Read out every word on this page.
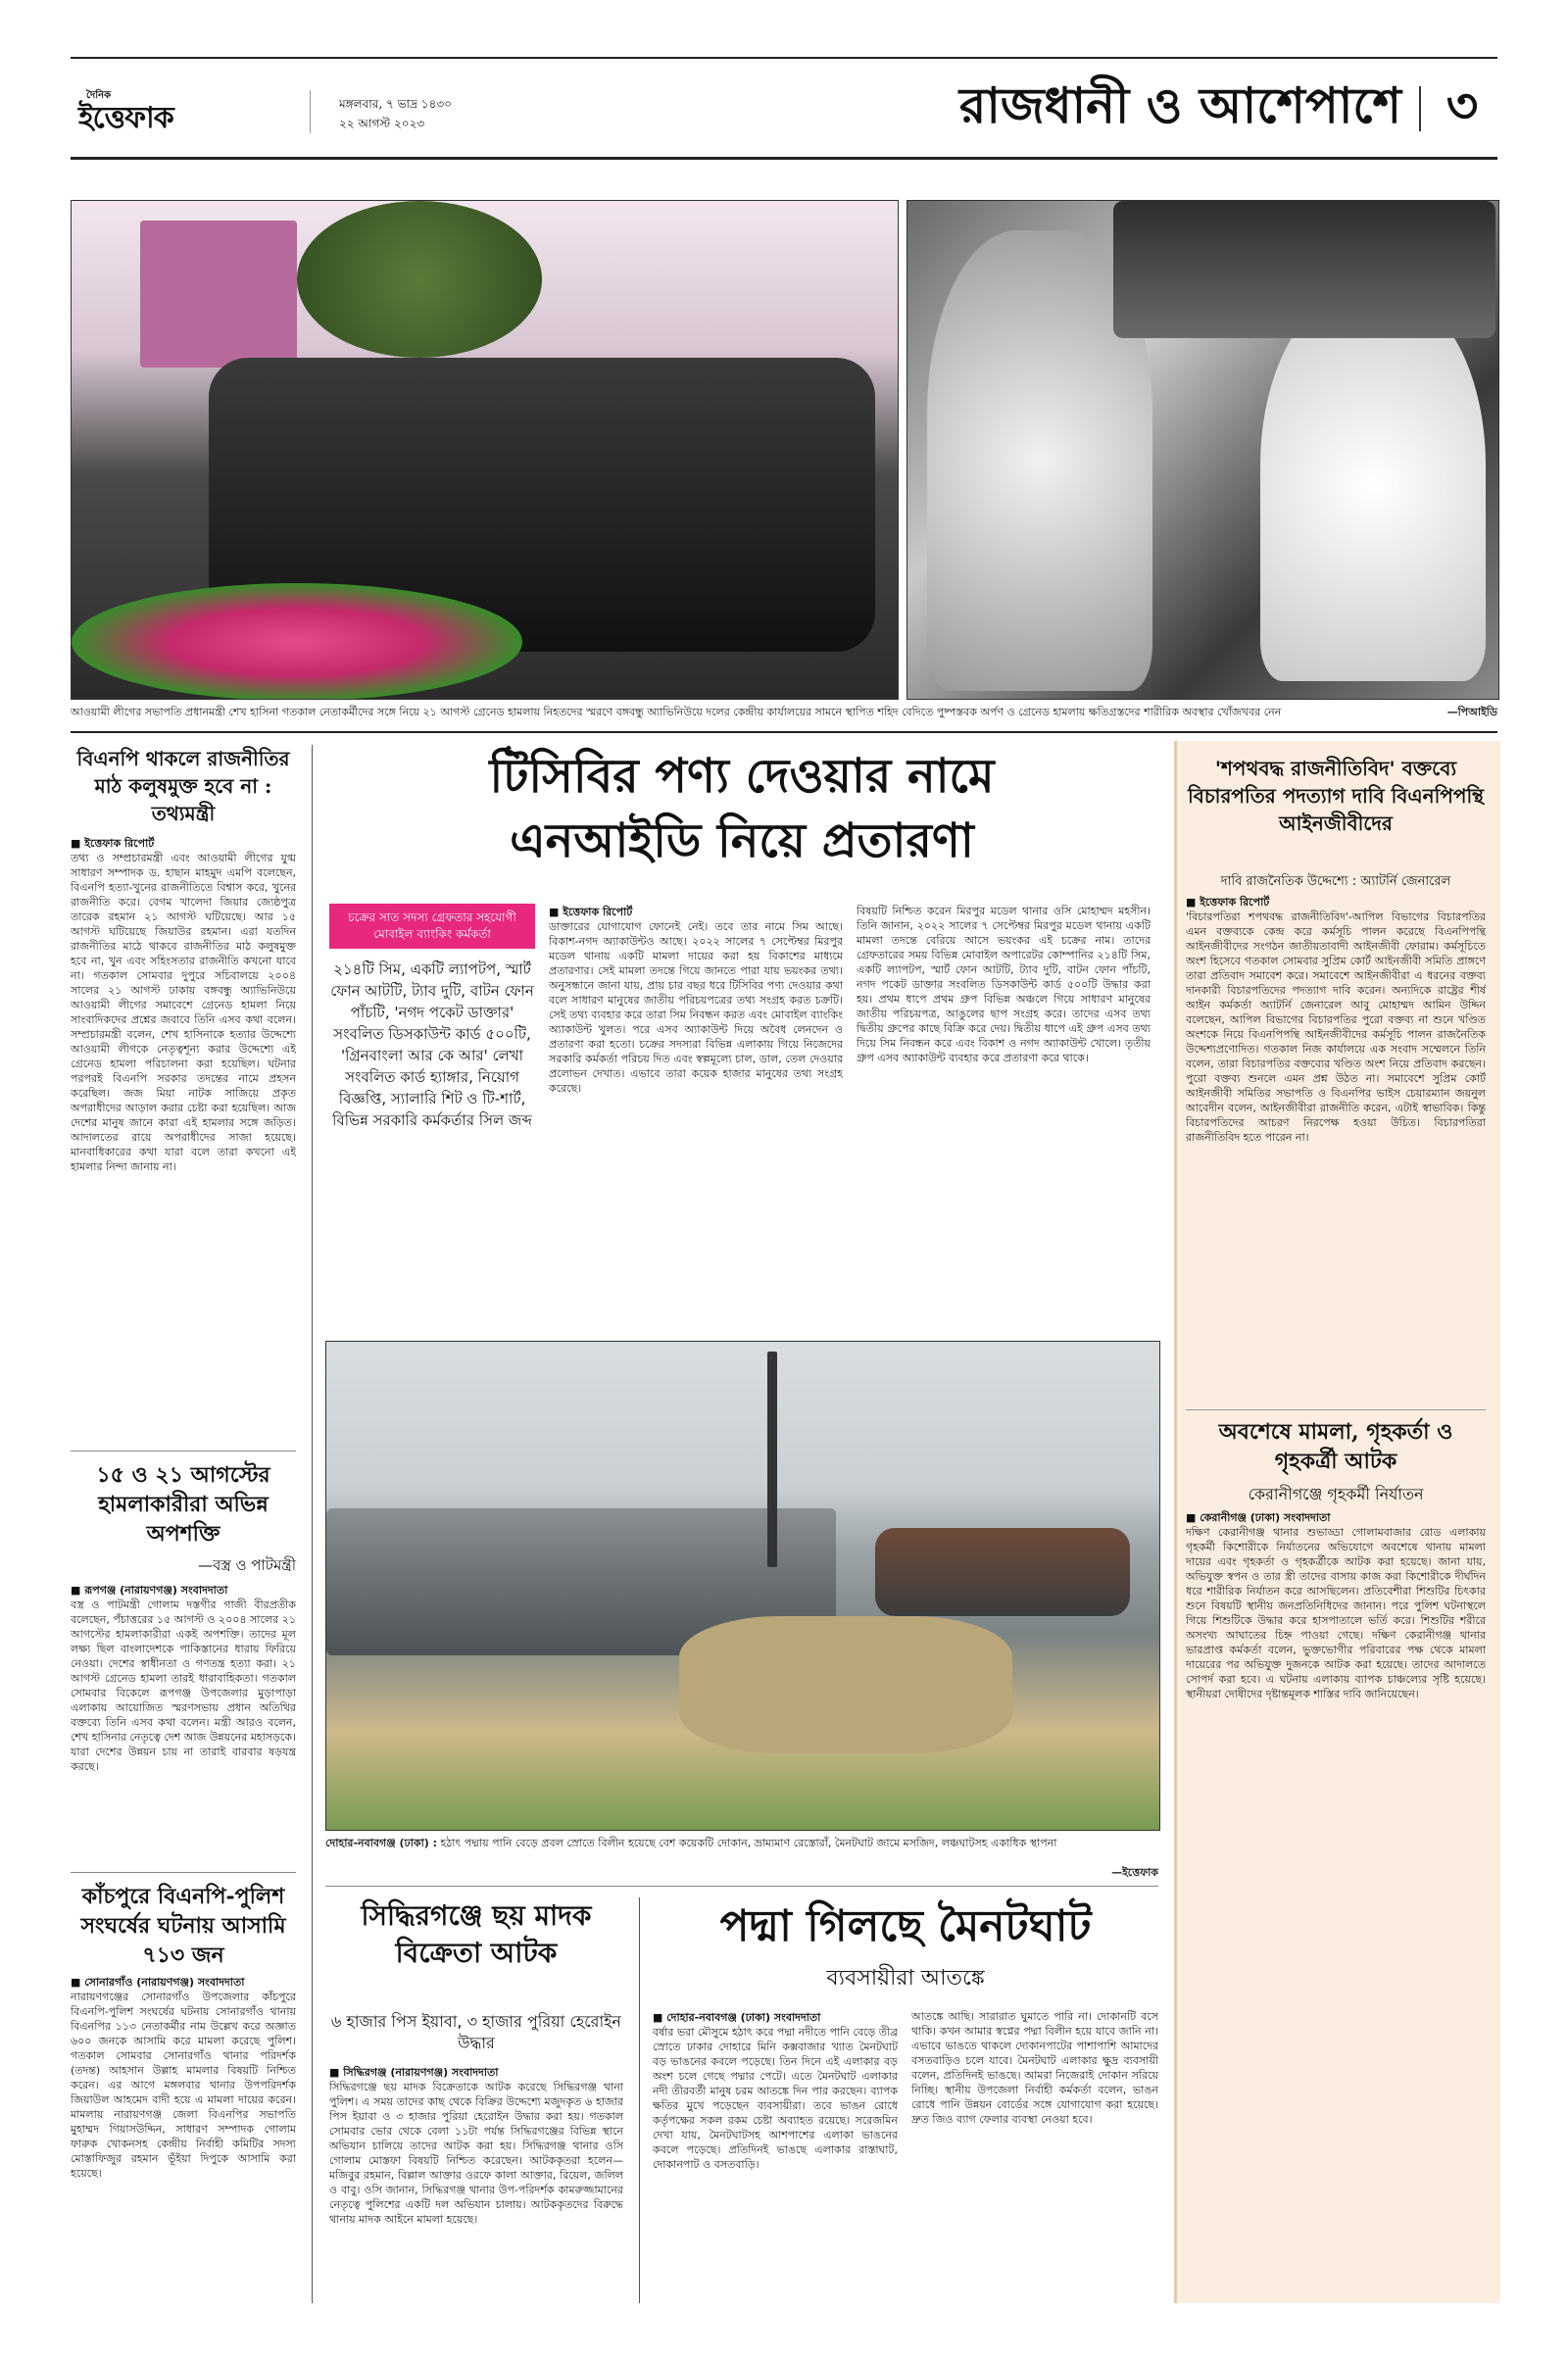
দৈনিক
ইত্তেফাক	মঙ্গলবার, ৭ ভাদ্র ১৪৩০
২২ আগস্ট ২০২৩	রাজধানী ও আশেপাশে ৩
আওয়ামী লীগের সভাপতি প্রধানমন্ত্রী শেখ হাসিনা গতকাল নেতাকর্মীদের সঙ্গে নিয়ে ২১ আগস্ট গ্রেনেড হামলায় নিহতদের স্মরণে বঙ্গবন্ধু অ্যাভিনিউয়ে দলের কেন্দ্রীয় কার্যালয়ের সামনে স্থাপিত শহিদ বেদিতে পুষ্পস্তবক অর্পণ ও গ্রেনেড হামলায় ক্ষতিগ্রস্তদের শারীরিক অবস্থার খোঁজখবর নেন	—পিআইডি
বিএনপি থাকলে রাজনীতির মাঠ কলুষমুক্ত হবে না : তথ্যমন্ত্রী
■ ইত্তেফাক রিপোর্ট
তথ্য ও সম্প্রচারমন্ত্রী এবং আওয়ামী লীগের যুগ্ম সাধারণ সম্পাদক ড. হাছান মাহমুদ এমপি বলেছেন, বিএনপি হত্যা-খুনের রাজনীতিতে বিশ্বাস করে, খুনের রাজনীতি করে। বেগম খালেদা জিয়ার জ্যেষ্ঠপুত্র তারেক রহমান ২১ আগস্ট ঘটিয়েছে। আর ১৫ আগস্ট ঘটিয়েছে জিয়াউর রহমান। এরা যতদিন রাজনীতির মাঠে থাকবে রাজনীতির মাঠ কলুষমুক্ত হবে না, খুন এবং সহিংসতার রাজনীতি কখনো যাবে না। গতকাল সোমবার দুপুরে সচিবালয়ে ২০০৪ সালের ২১ আগস্ট ঢাকায় বঙ্গবন্ধু অ্যাভিনিউয়ে আওয়ামী লীগের সমাবেশে গ্রেনেড হামলা নিয়ে সাংবাদিকদের প্রশ্নের জবাবে তিনি এসব কথা বলেন। সম্প্রচারমন্ত্রী বলেন, শেখ হাসিনাকে হত্যার উদ্দেশ্যে আওয়ামী লীগকে নেতৃত্বশূন্য করার উদ্দেশ্যে এই গ্রেনেড হামলা পরিচালনা করা হয়েছিল। ঘটনার পরপরই বিএনপি সরকার তদন্তের নামে প্রহসন করেছিল। জজ মিয়া নাটক সাজিয়ে প্রকৃত অপরাধীদের আড়াল করার চেষ্টা করা হয়েছিল। আজ দেশের মানুষ জানে কারা এই হামলার সঙ্গে জড়িত। আদালতের রায়ে অপরাধীদের সাজা হয়েছে। মানবাধিকারের কথা যারা বলে তারা কখনো এই হামলার নিন্দা জানায় না।
১৫ ও ২১ আগস্টের হামলাকারীরা অভিন্ন অপশক্তি
—বস্ত্র ও পাটমন্ত্রী
■ রূপগঞ্জ (নারায়ণগঞ্জ) সংবাদদাতা
বস্ত্র ও পাটমন্ত্রী গোলাম দস্তগীর গাজী বীরপ্রতীক বলেছেন, পঁচাত্তরের ১৫ আগস্ট ও ২০০৪ সালের ২১ আগস্টের হামলাকারীরা একই অপশক্তি। তাদের মূল লক্ষ্য ছিল বাংলাদেশকে পাকিস্তানের ধারায় ফিরিয়ে নেওয়া। দেশের স্বাধীনতা ও গণতন্ত্র হত্যা করা। ২১ আগস্ট গ্রেনেড হামলা তারই ধারাবাহিকতা। গতকাল সোমবার বিকেলে রূপগঞ্জ উপজেলার মুড়াপাড়া এলাকায় আয়োজিত স্মরণসভায় প্রধান অতিথির বক্তব্যে তিনি এসব কথা বলেন। মন্ত্রী আরও বলেন, শেখ হাসিনার নেতৃত্বে দেশ আজ উন্নয়নের মহাসড়কে। যারা দেশের উন্নয়ন চায় না তারাই বারবার ষড়যন্ত্র করছে।
কাঁচপুরে বিএনপি-পুলিশ সংঘর্ষের ঘটনায় আসামি ৭১৩ জন
■ সোনারগাঁও (নারায়ণগঞ্জ) সংবাদদাতা
নারায়ণগঞ্জের সোনারগাঁও উপজেলার কাঁচপুরে বিএনপি-পুলিশ সংঘর্ষের ঘটনায় সোনারগাঁও থানায় বিএনপির ১১৩ নেতাকর্মীর নাম উল্লেখ করে অজ্ঞাত ৬০০ জনকে আসামি করে মামলা করেছে পুলিশ। গতকাল সোমবার সোনারগাঁও থানার পরিদর্শক (তদন্ত) আহসান উল্লাহ মামলার বিষয়টি নিশ্চিত করেন। এর আগে মঙ্গলবার থানার উপপরিদর্শক জিয়াউল আহমেদ বাদী হয়ে এ মামলা দায়ের করেন। মামলায় নারায়ণগঞ্জ জেলা বিএনপির সভাপতি মুহাম্মদ গিয়াসউদ্দিন, সাধারণ সম্পাদক গোলাম ফারুক খোকনসহ কেন্দ্রীয় নির্বাহী কমিটির সদস্য মোস্তাফিজুর রহমান ভূঁইয়া দিপুকে আসামি করা হয়েছে।
টিসিবির পণ্য দেওয়ার নামে
এনআইডি নিয়ে প্রতারণা
চক্রের সাত সদস্য গ্রেফতার সহযোগী মোবাইল ব্যাংকিং কর্মকর্তা
২১৪টি সিম, একটি ল্যাপটপ, স্মার্ট ফোন আটটি, ট্যাব দুটি, বাটন ফোন পাঁচটি, 'নগদ পকেট ডাক্তার' সংবলিত ডিসকাউন্ট কার্ড ৫০০টি, 'গ্রিনবাংলা আর কে আর' লেখা সংবলিত কার্ড হ্যাঙ্গার, নিয়োগ বিজ্ঞপ্তি, স্যালারি শিট ও টি-শার্ট, বিভিন্ন সরকারি কর্মকর্তার সিল জব্দ
■ ইত্তেফাক রিপোর্ট
ডাক্তারের যোগাযোগ ফোনেই নেই। তবে তার নামে সিম আছে। বিকাশ-নগদ অ্যাকাউন্টও আছে। ২০২২ সালের ৭ সেপ্টেম্বর মিরপুর মডেল থানায় একটি মামলা দায়ের করা হয় বিকাশের মাধ্যমে প্রতারণার। সেই মামলা তদন্তে গিয়ে জানতে পারা যায় ভয়ংকর তথ্য। অনুসন্ধানে জানা যায়, প্রায় চার বছর ধরে টিসিবির পণ্য দেওয়ার কথা বলে সাধারণ মানুষের জাতীয় পরিচয়পত্রের তথ্য সংগ্রহ করত চক্রটি। সেই তথ্য ব্যবহার করে তারা সিম নিবন্ধন করত এবং মোবাইল ব্যাংকিং অ্যাকাউন্ট খুলত। পরে এসব অ্যাকাউন্ট দিয়ে অবৈধ লেনদেন ও প্রতারণা করা হতো। চক্রের সদস্যরা বিভিন্ন এলাকায় গিয়ে নিজেদের সরকারি কর্মকর্তা পরিচয় দিত এবং স্বল্পমূল্যে চাল, ডাল, তেল দেওয়ার প্রলোভন দেখাত। এভাবে তারা কয়েক হাজার মানুষের তথ্য সংগ্রহ করেছে।
বিষয়টি নিশ্চিত করেন মিরপুর মডেল থানার ওসি মোহাম্মদ মহসীন। তিনি জানান, ২০২২ সালের ৭ সেপ্টেম্বর মিরপুর মডেল থানায় একটি মামলা তদন্তে বেরিয়ে আসে ভয়ংকর এই চক্রের নাম। তাদের গ্রেফতারের সময় বিভিন্ন মোবাইল অপারেটর কোম্পানির ২১৪টি সিম, একটি ল্যাপটপ, স্মার্ট ফোন আটটি, ট্যাব দুটি, বাটন ফোন পাঁচটি, নগদ পকেট ডাক্তার সংবলিত ডিসকাউন্ট কার্ড ৫০০টি উদ্ধার করা হয়। প্রথম ধাপে প্রথম গ্রুপ বিভিন্ন অঞ্চলে গিয়ে সাধারণ মানুষের জাতীয় পরিচয়পত্র, আঙুলের ছাপ সংগ্রহ করে। তাদের এসব তথ্য দ্বিতীয় গ্রুপের কাছে বিক্রি করে দেয়। দ্বিতীয় ধাপে এই গ্রুপ এসব তথ্য দিয়ে সিম নিবন্ধন করে এবং বিকাশ ও নগদ অ্যাকাউন্ট খোলে। তৃতীয় গ্রুপ এসব অ্যাকাউন্ট ব্যবহার করে প্রতারণা করে থাকে।
দোহার-নবাবগঞ্জ (ঢাকা) : হঠাৎ পদ্মায় পানি বেড়ে প্রবল স্রোতে বিলীন হয়েছে বেশ কয়েকটি দোকান, ভ্রাম্যমাণ রেস্তোরাঁ, মৈনটঘাট জামে মসজিদ, লঞ্চঘাটসহ একাধিক স্থাপনা
—ইত্তেফাক
সিদ্ধিরগঞ্জে ছয় মাদক বিক্রেতা আটক
৬ হাজার পিস ইয়াবা, ৩ হাজার পুরিয়া হেরোইন উদ্ধার
■ সিদ্ধিরগঞ্জ (নারায়ণগঞ্জ) সংবাদদাতা
সিদ্ধিরগঞ্জে ছয় মাদক বিক্রেতাকে আটক করেছে সিদ্ধিরগঞ্জ থানা পুলিশ। এ সময় তাদের কাছ থেকে বিক্রির উদ্দেশ্যে মজুদকৃত ৬ হাজার পিস ইয়াবা ও ৩ হাজার পুরিয়া হেরোইন উদ্ধার করা হয়। গতকাল সোমবার ভোর থেকে বেলা ১১টা পর্যন্ত সিদ্ধিরগঞ্জের বিভিন্ন স্থানে অভিযান চালিয়ে তাদের আটক করা হয়। সিদ্ধিরগঞ্জ থানার ওসি গোলাম মোস্তফা বিষয়টি নিশ্চিত করেছেন। আটককৃতরা হলেন—মজিবুর রহমান, বিল্লাল আক্তার ওরফে কালা আক্তার, রিয়েল, জলিল ও বাবু। ওসি জানান, সিদ্ধিরগঞ্জ থানার উপ-পরিদর্শক কামরুজ্জামানের নেতৃত্বে পুলিশের একটি দল অভিযান চালায়। আটককৃতদের বিরুদ্ধে থানায় মাদক আইনে মামলা হয়েছে।
পদ্মা গিলছে মৈনটঘাট
ব্যবসায়ীরা আতঙ্কে
■ দোহার-নবাবগঞ্জ (ঢাকা) সংবাদদাতা
বর্ষার ভরা মৌসুমে হঠাৎ করে পদ্মা নদীতে পানি বেড়ে তীব্র স্রোতে ঢাকার দোহারে মিনি কক্সবাজার খ্যাত মৈনটঘাট বড় ভাঙনের কবলে পড়েছে। তিন দিনে এই এলাকার বড় অংশ চলে গেছে পদ্মার পেটে। এতে মৈনটঘাট এলাকার নদী তীরবর্তী মানুষ চরম আতঙ্কে দিন পার করছেন। ব্যাপক ক্ষতির মুখে পড়েছেন ব্যবসায়ীরা। তবে ভাঙন রোধে কর্তৃপক্ষের সকল রকম চেষ্টা অব্যাহত রয়েছে। সরেজমিন দেখা যায়, মৈনটঘাটসহ আশপাশের এলাকা ভাঙনের কবলে পড়েছে। প্রতিদিনই ভাঙছে এলাকার রাস্তাঘাট, দোকানপাট ও বসতবাড়ি।
আতঙ্কে আছি। সারারাত ঘুমাতে পারি না। দোকানটি বসে থাকি। কখন আমার স্বপ্নের পদ্মা বিলীন হয়ে যাবে জানি না। এভাবে ভাঙতে থাকলে দোকানপাটের পাশাপাশি আমাদের বসতবাড়িও চলে যাবে। মৈনটঘাট এলাকার ক্ষুদ্র ব্যবসায়ী বলেন, প্রতিদিনই ভাঙছে। আমরা নিজেরাই দোকান সরিয়ে নিচ্ছি। স্থানীয় উপজেলা নির্বাহী কর্মকর্তা বলেন, ভাঙন রোধে পানি উন্নয়ন বোর্ডের সঙ্গে যোগাযোগ করা হয়েছে। দ্রুত জিও ব্যাগ ফেলার ব্যবস্থা নেওয়া হবে।
'শপথবদ্ধ রাজনীতিবিদ' বক্তব্যে বিচারপতির পদত্যাগ দাবি বিএনপিপন্থি আইনজীবীদের
দাবি রাজনৈতিক উদ্দেশ্যে : অ্যাটর্নি জেনারেল
■ ইত্তেফাক রিপোর্ট
'বিচারপতিরা শপথবদ্ধ রাজনীতিবিদ'-আপিল বিভাগের বিচারপতির এমন বক্তব্যকে কেন্দ্র করে কর্মসূচি পালন করেছে বিএনপিপন্থি আইনজীবীদের সংগঠন জাতীয়তাবাদী আইনজীবী ফোরাম। কর্মসূচিতে অংশ হিসেবে গতকাল সোমবার সুপ্রিম কোর্ট আইনজীবী সমিতি প্রাঙ্গণে তারা প্রতিবাদ সমাবেশ করে। সমাবেশে আইনজীবীরা এ ধরনের বক্তব্য দানকারী বিচারপতিদের পদত্যাগ দাবি করেন। অন্যদিকে রাষ্ট্রের শীর্ষ আইন কর্মকর্তা অ্যাটর্নি জেনারেল আবু মোহাম্মদ আমিন উদ্দিন বলেছেন, আপিল বিভাগের বিচারপতির পুরো বক্তব্য না শুনে খণ্ডিত অংশকে নিয়ে বিএনপিপন্থি আইনজীবীদের কর্মসূচি পালন রাজনৈতিক উদ্দেশ্যপ্রণোদিত। গতকাল নিজ কার্যালয়ে এক সংবাদ সম্মেলনে তিনি বলেন, তারা বিচারপতির বক্তব্যের খণ্ডিত অংশ নিয়ে প্রতিবাদ করছেন। পুরো বক্তব্য শুনলে এমন প্রশ্ন উঠত না। সমাবেশে সুপ্রিম কোর্ট আইনজীবী সমিতির সভাপতি ও বিএনপির ভাইস চেয়ারম্যান জয়নুল আবেদীন বলেন, আইনজীবীরা রাজনীতি করেন, এটাই স্বাভাবিক। কিন্তু বিচারপতিদের আচরণ নিরপেক্ষ হওয়া উচিত। বিচারপতিরা রাজনীতিবিদ হতে পারেন না।
অবশেষে মামলা, গৃহকর্তা ও গৃহকর্ত্রী আটক
কেরানীগঞ্জে গৃহকর্মী নির্যাতন
■ কেরানীগঞ্জ (ঢাকা) সংবাদদাতা
দক্ষিণ কেরানীগঞ্জ থানার শুভাড্ডা গোলামবাজার রোড এলাকায় গৃহকর্মী কিশোরীকে নির্যাতনের অভিযোগে অবশেষে থানায় মামলা দায়ের এবং গৃহকর্তা ও গৃহকর্ত্রীকে আটক করা হয়েছে। জানা যায়, অভিযুক্ত স্বপন ও তার স্ত্রী তাদের বাসায় কাজ করা কিশোরীকে দীর্ঘদিন ধরে শারীরিক নির্যাতন করে আসছিলেন। প্রতিবেশীরা শিশুটির চিৎকার শুনে বিষয়টি স্থানীয় জনপ্রতিনিধিদের জানান। পরে পুলিশ ঘটনাস্থলে গিয়ে শিশুটিকে উদ্ধার করে হাসপাতালে ভর্তি করে। শিশুটির শরীরে অসংখ্য আঘাতের চিহ্ন পাওয়া গেছে। দক্ষিণ কেরানীগঞ্জ থানার ভারপ্রাপ্ত কর্মকর্তা বলেন, ভুক্তভোগীর পরিবারের পক্ষ থেকে মামলা দায়েরের পর অভিযুক্ত দুজনকে আটক করা হয়েছে। তাদের আদালতে সোপর্দ করা হবে। এ ঘটনায় এলাকায় ব্যাপক চাঞ্চল্যের সৃষ্টি হয়েছে। স্থানীয়রা দোষীদের দৃষ্টান্তমূলক শাস্তির দাবি জানিয়েছেন।
